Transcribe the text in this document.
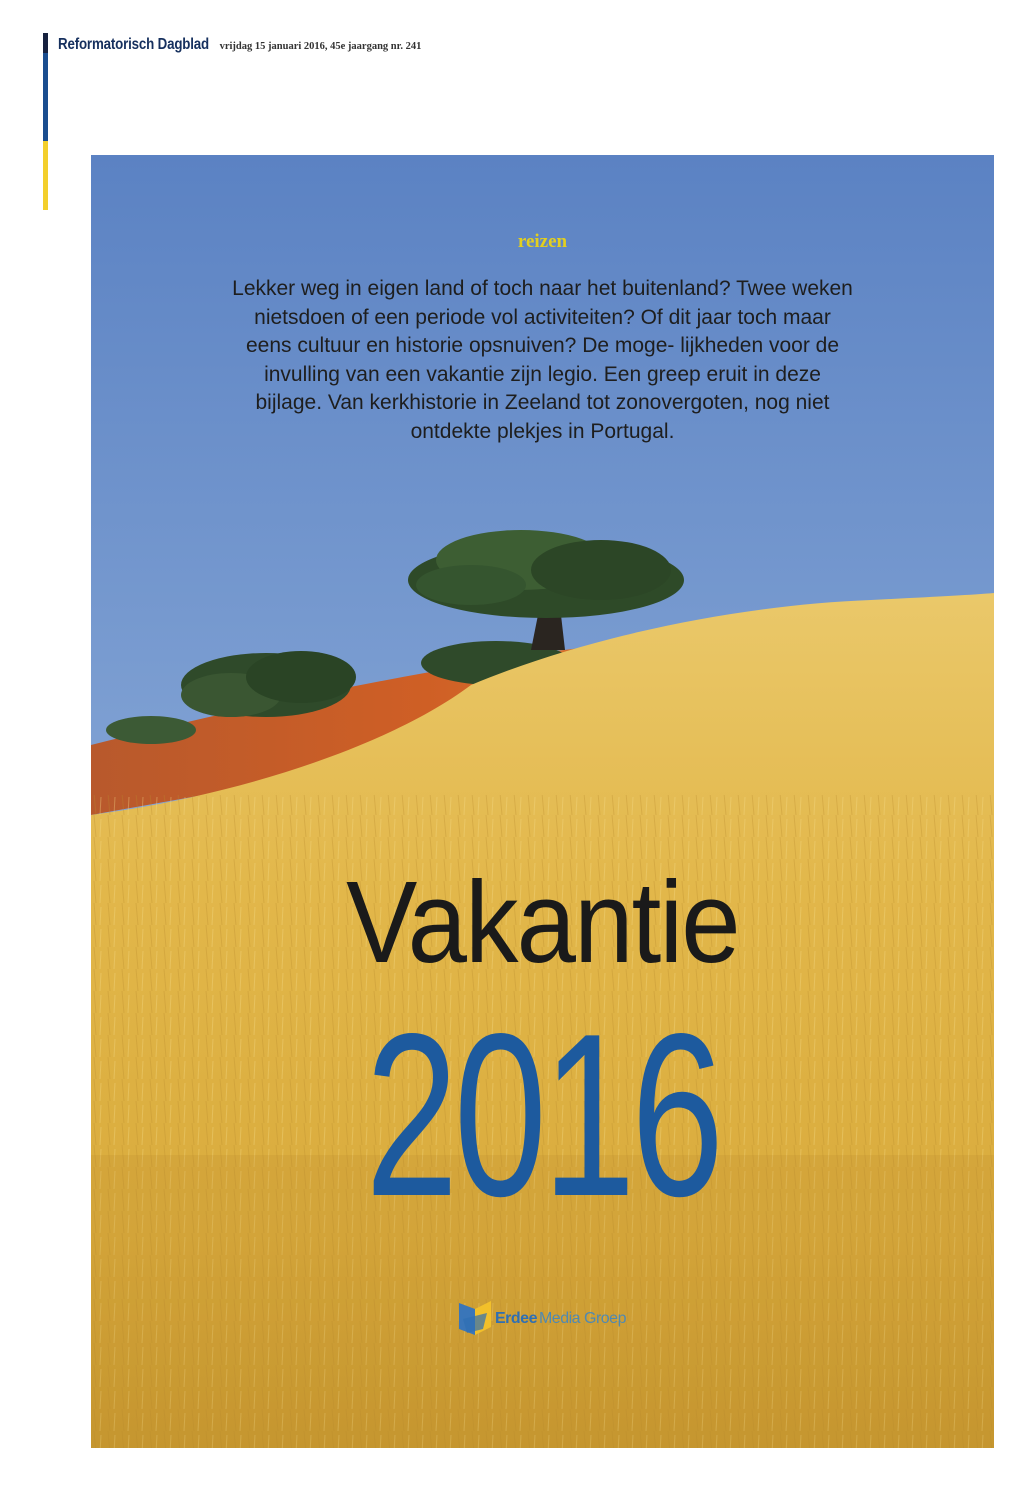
Reformatorisch Dagblad vrijdag 15 januari 2016, 45e jaargang nr. 241
reizen
Lekker weg in eigen land of toch naar het buitenland? Twee weken nietsdoen of een periode vol activiteiten? Of dit jaar toch maar eens cultuur en historie opsnuiven? De moge- lijkheden voor de invulling van een vakantie zijn legio. Een greep eruit in deze bijlage. Van kerkhistorie in Zeeland tot zonovergoten, nog niet ontdekte plekjes in Portugal.
Vakantie
2016
Erdee Media Groep
